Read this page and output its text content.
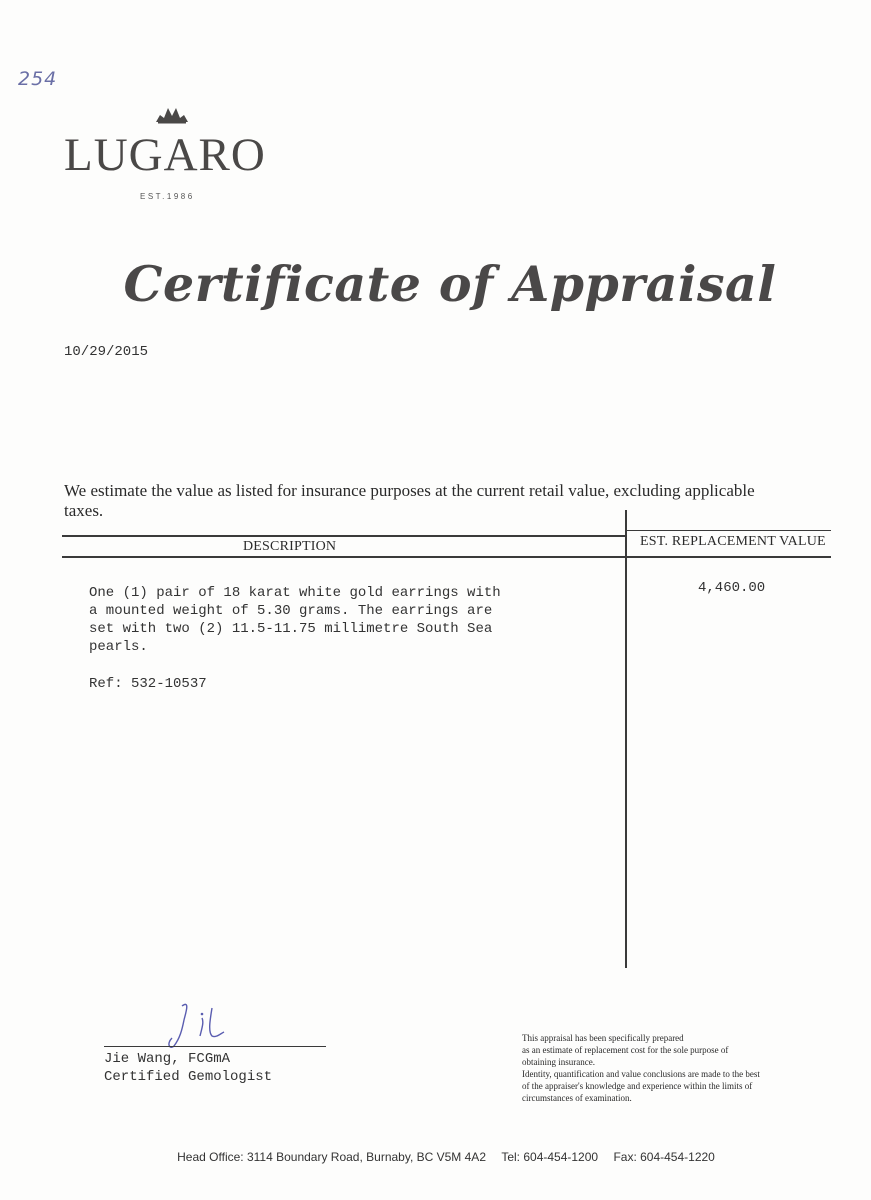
254
LUGARO
EST.1986
Certificate of Appraisal
10/29/2015
We estimate the value as listed for insurance purposes at the current retail value, excluding applicable taxes.
DESCRIPTION	EST. REPLACEMENT VALUE
One (1) pair of 18 karat white gold earrings with
a mounted weight of 5.30 grams. The earrings are
set with two (2) 11.5-11.75 millimetre South Sea
pearls.
Ref: 532-10537
4,460.00
Jie Wang, FCGmA
Certified Gemologist

This appraisal has been specifically prepared

as an estimate of replacement cost for the sole purpose of

obtaining insurance.

Identity, quantification and value conclusions are made to the best

of the appraiser's knowledge and experience within the limits of

circumstances of examination.

Head Office: 3114 Boundary Road, Burnaby, BC V5M 4A2 Tel: 604-454-1200 Fax: 604-454-1220
